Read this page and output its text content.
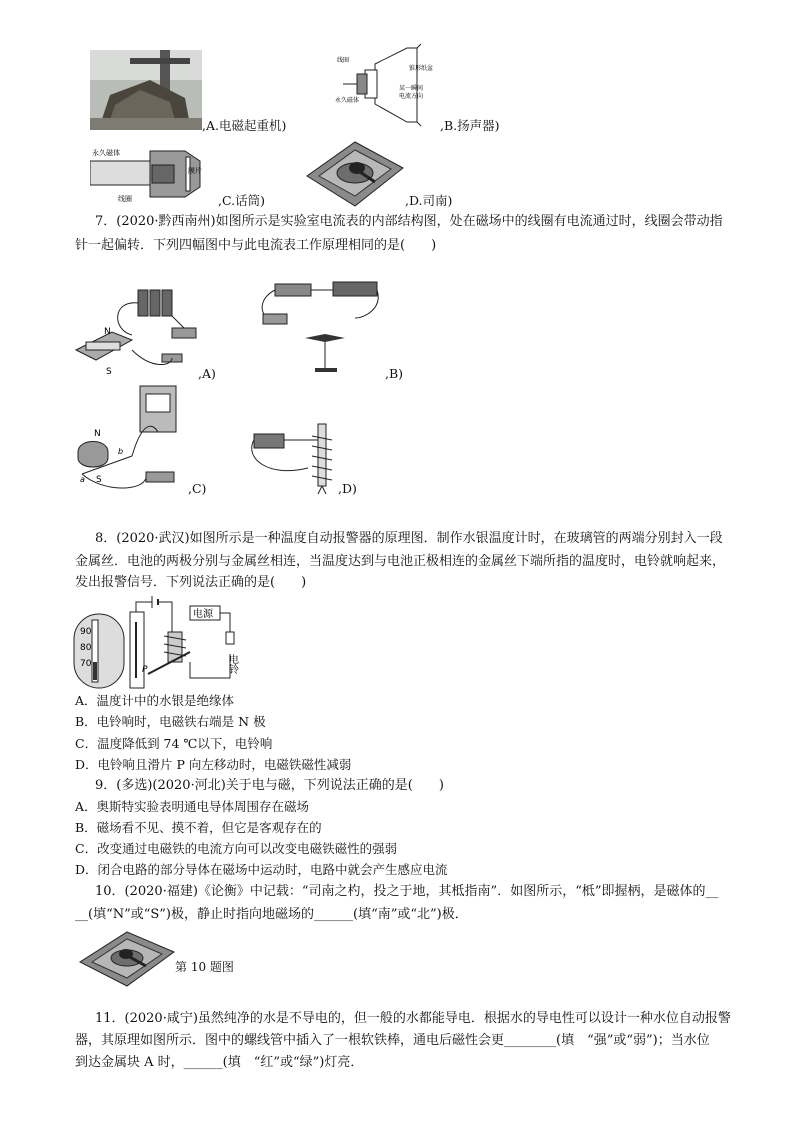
,A.电磁起重机)
线圈
锥形纸盆
永久磁体
某一瞬间
电流方向
,B.扬声器)
永久磁体
膜片
线圈	,C.话筒)	,D.司南)
7．(2020·黔西南州)如图所示是实验室电流表的内部结构图，处在磁场中的线圈有电流通过时，线圈会带动指
针一起偏转．下列四幅图中与此电流表工作原理相同的是(　　)
N
S	,A)	,B)
N
S
a
b
,C)	,D)
8．(2020·武汉)如图所示是一种温度自动报警器的原理图．制作水银温度计时，在玻璃管的两端分别封入一段
金属丝．电池的两极分别与金属丝相连，当温度达到与电池正极相连的金属丝下端所指的温度时，电铃就响起来，
发出报警信号．下列说法正确的是(　　)
90
80
70
P
电源
电铃
A．温度计中的水银是绝缘体
B．电铃响时，电磁铁右端是 N 极
C．温度降低到 74 ℃以下，电铃响
D．电铃响且滑片 P 向左移动时，电磁铁磁性减弱
9．(多选)(2020·河北)关于电与磁，下列说法正确的是(　　)
A．奥斯特实验表明通电导体周围存在磁场
B．磁场看不见、摸不着，但它是客观存在的
C．改变通过电磁铁的电流方向可以改变电磁铁磁性的强弱
D．闭合电路的部分导体在磁场中运动时，电路中就会产生感应电流
10．(2020·福建)《论衡》中记载：“司南之杓，投之于地，其柢指南”．如图所示，“柢”即握柄，是磁体的__
__(填“N”或“S”)极，静止时指向地磁场的______(填“南”或“北”)极．
第 10 题图
11．(2020·咸宁)虽然纯净的水是不导电的，但一般的水都能导电．根据水的导电性可以设计一种水位自动报警
器，其原理如图所示．图中的螺线管中插入了一根软铁棒，通电后磁性会更________(填　“强”或“弱”)；当水位
到达金属块 A 时，______(填　“红”或“绿”)灯亮．
